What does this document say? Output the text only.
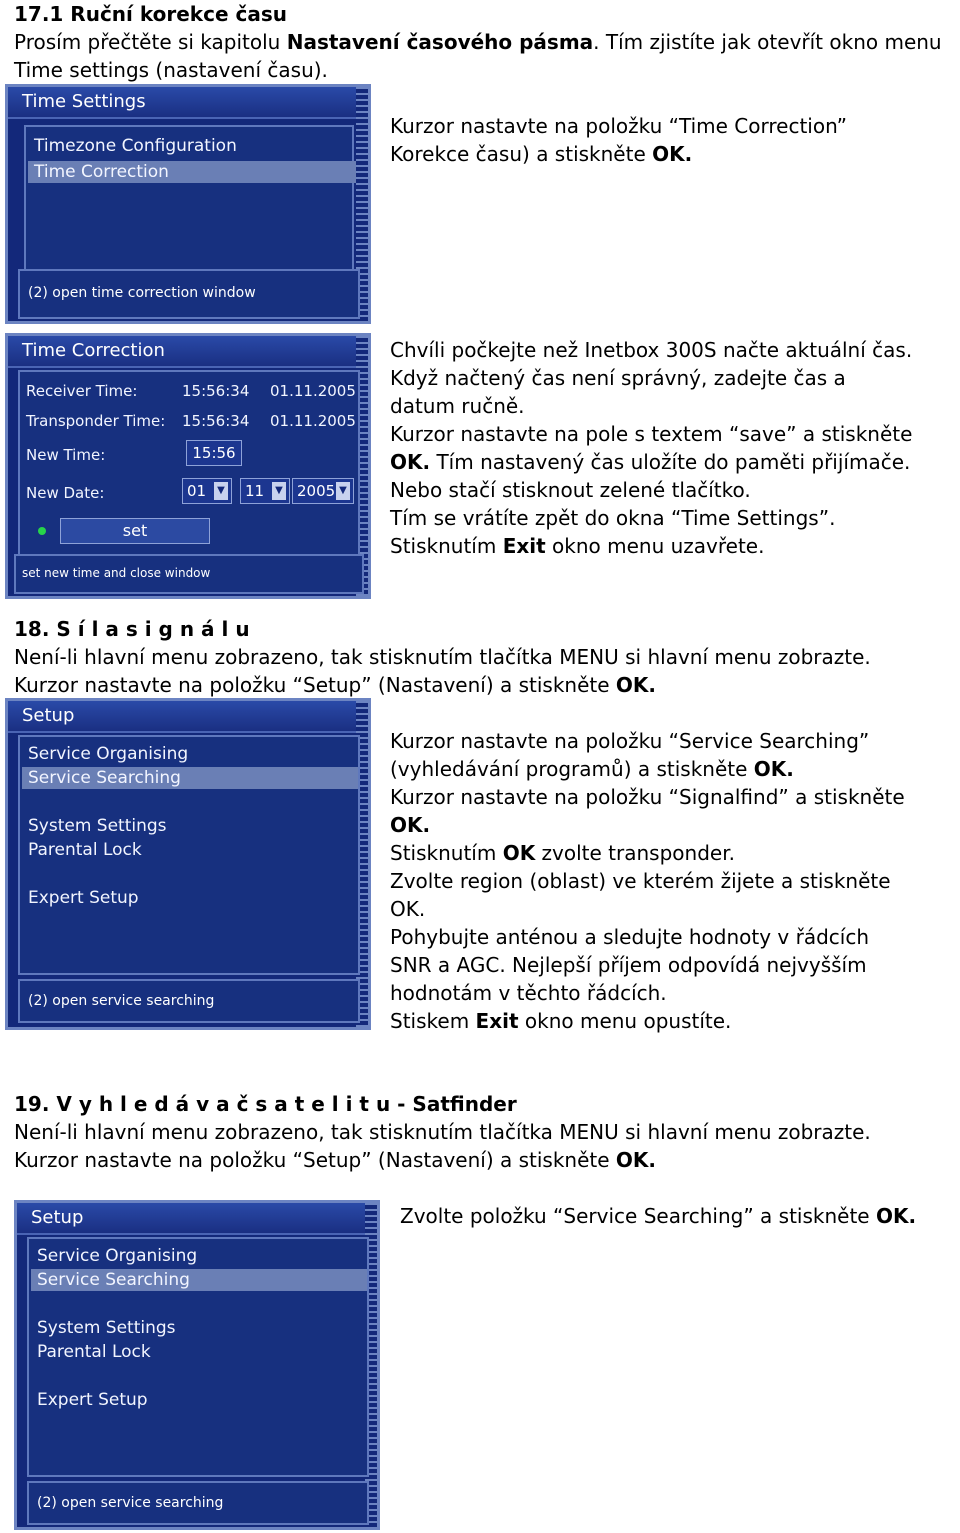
17.1 Ruční korekce času
Prosím přečtěte si kapitolu Nastavení časového pásma. Tím zjistíte jak otevřít okno menu
Time settings (nastavení času).
Time Settings
Timezone Configuration
Time Correction
(2) open time correction window
Kurzor nastavte na položku “Time Correction”
Korekce času) a stiskněte OK.
Time Correction
Receiver Time:	15:56:34 01.11.2005
Transponder Time: 15:56:34 01.11.2005
New Time:	15:56
New Date:	01	▼	11	▼ 2005 ▼
set
set new time and close window
Chvíli počkejte než Inetbox 300S načte aktuální čas.
Když načtený čas není správný, zadejte čas a
datum ručně.
Kurzor nastavte na pole s textem “save” a stiskněte
OK. Tím nastavený čas uložíte do paměti přijímače.
Nebo stačí stisknout zelené tlačítko.
Tím se vrátíte zpět do okna “Time Settings”.
Stisknutím Exit okno menu uzavřete.
18. S í l a s i g n á l u
Není-li hlavní menu zobrazeno, tak stisknutím tlačítka MENU si hlavní menu zobrazte.
Kurzor nastavte na položku “Setup” (Nastavení) a stiskněte OK.
Setup
Service Organising
Service Searching
System Settings
Parental Lock
Expert Setup
(2) open service searching
Kurzor nastavte na položku “Service Searching”
(vyhledávání programů) a stiskněte OK.
Kurzor nastavte na položku “Signalfind” a stiskněte
OK.
Stisknutím OK zvolte transponder.
Zvolte region (oblast) ve kterém žijete a stiskněte
OK.
Pohybujte anténou a sledujte hodnoty v řádcích
SNR a AGC. Nejlepší příjem odpovídá nejvyšším
hodnotám v těchto řádcích.
Stiskem Exit okno menu opustíte.
19. V y h l e d á v a č s a t e l i t u - Satfinder
Není-li hlavní menu zobrazeno, tak stisknutím tlačítka MENU si hlavní menu zobrazte.
Kurzor nastavte na položku “Setup” (Nastavení) a stiskněte OK.
Setup
Service Organising
Service Searching
System Settings
Parental Lock
Expert Setup
(2) open service searching
Zvolte položku “Service Searching” a stiskněte OK.
